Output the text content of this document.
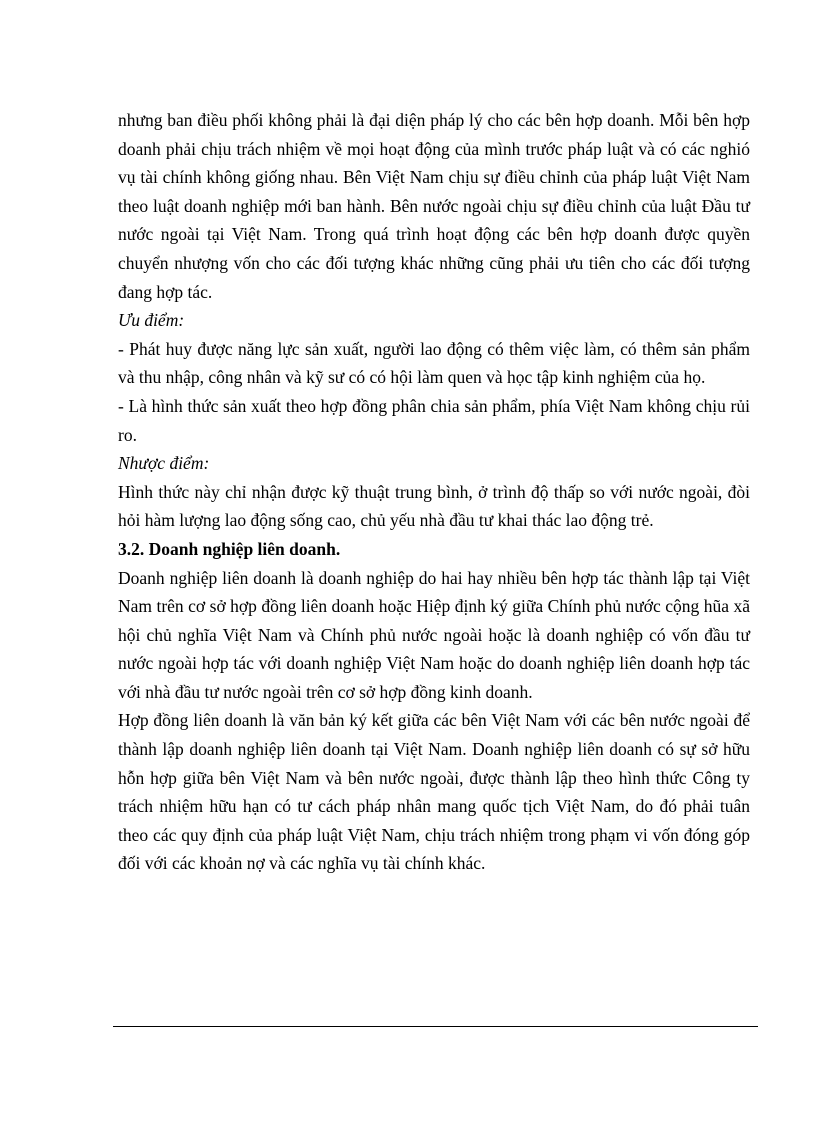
nhưng ban điều phối không phải là đại diện pháp lý cho các bên hợp doanh. Mỗi bên hợp doanh phải chịu trách nhiệm về mọi hoạt động của mình trước pháp luật và có các nghió vụ tài chính không giống nhau. Bên Việt Nam chịu sự điều chỉnh của pháp luật Việt Nam theo luật doanh nghiệp mới ban hành. Bên nước ngoài chịu sự điều chỉnh của luật Đầu tư nước ngoài tại Việt Nam. Trong quá trình hoạt động các bên hợp doanh được quyền chuyển nhượng vốn cho các đối tượng khác những cũng phải ưu tiên cho các đối tượng đang hợp tác.

Ưu điểm:

- Phát huy được năng lực sản xuất, người lao động có thêm việc làm, có thêm sản phẩm và thu nhập, công nhân và kỹ sư có có hội làm quen và học tập kinh nghiệm của họ.

- Là hình thức sản xuất theo hợp đồng phân chia sản phẩm, phía Việt Nam không chịu rủi ro.

Nhược điểm:

Hình thức này chỉ nhận được kỹ thuật trung bình, ở trình độ thấp so với nước ngoài, đòi hỏi hàm lượng lao động sống cao, chủ yếu nhà đầu tư khai thác lao động trẻ.

3.2. Doanh nghiệp liên doanh.

Doanh nghiệp liên doanh là doanh nghiệp do hai hay nhiều bên hợp tác thành lập tại Việt Nam trên cơ sở hợp đồng liên doanh hoặc Hiệp định ký giữa Chính phủ nước cộng hũa xã hội chủ nghĩa Việt Nam và Chính phủ nước ngoài hoặc là doanh nghiệp có vốn đầu tư nước ngoài hợp tác với doanh nghiệp Việt Nam hoặc do doanh nghiệp liên doanh hợp tác với nhà đầu tư nước ngoài trên cơ sở hợp đồng kinh doanh.

Hợp đồng liên doanh là văn bản ký kết giữa các bên Việt Nam với các bên nước ngoài để thành lập doanh nghiệp liên doanh tại Việt Nam. Doanh nghiệp liên doanh có sự sở hữu hỗn hợp giữa bên Việt Nam và bên nước ngoài, được thành lập theo hình thức Công ty trách nhiệm hữu hạn có tư cách pháp nhân mang quốc tịch Việt Nam, do đó phải tuân theo các quy định của pháp luật Việt Nam, chịu trách nhiệm trong phạm vi vốn đóng góp đối với các khoản nợ và các nghĩa vụ tài chính khác.
